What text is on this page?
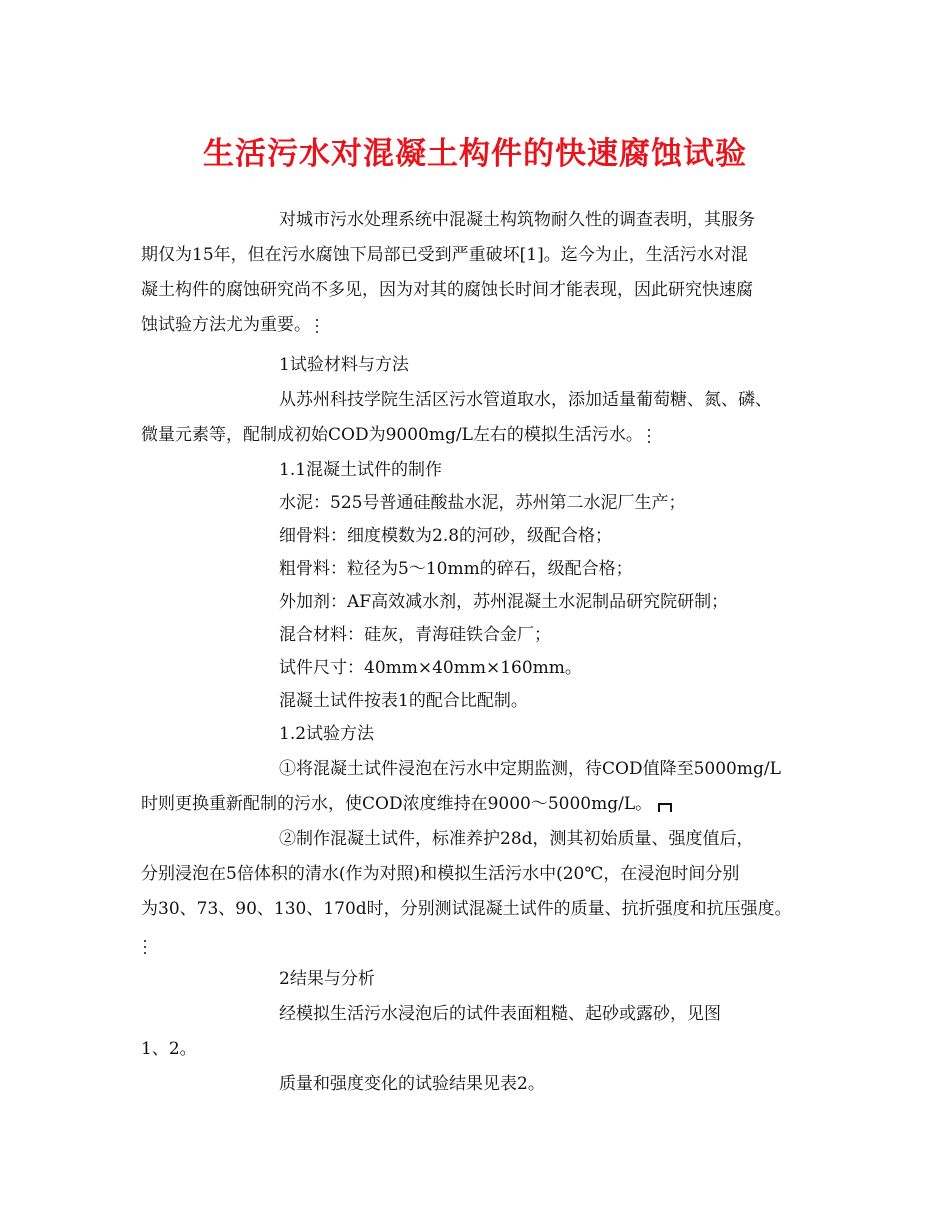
生活污水对混凝土构件的快速腐蚀试验
对城市污水处理系统中混凝土构筑物耐久性的调查表明，其服务
期仅为15年，但在污水腐蚀下局部已受到严重破坏[1]。迄今为止，生活污水对混
凝土构件的腐蚀研究尚不多见，因为对其的腐蚀长时间才能表现，因此研究快速腐
蚀试验方法尤为重要。
1试验材料与方法
从苏州科技学院生活区污水管道取水，添加适量葡萄糖、氮、磷、
微量元素等，配制成初始COD为9000mg/L左右的模拟生活污水。
1.1混凝土试件的制作
水泥：525号普通硅酸盐水泥，苏州第二水泥厂生产；
细骨料：细度模数为2.8的河砂，级配合格；
粗骨料：粒径为5～10mm的碎石，级配合格；
外加剂：AF高效减水剂，苏州混凝土水泥制品研究院研制；
混合材料：硅灰，青海硅铁合金厂；
试件尺寸：40mm×40mm×160mm。
混凝土试件按表1的配合比配制。
1.2试验方法
①将混凝土试件浸泡在污水中定期监测，待COD值降至5000mg/L
时则更换重新配制的污水，使COD浓度维持在9000～5000mg/L。
②制作混凝土试件，标准养护28d，测其初始质量、强度值后，
分别浸泡在5倍体积的清水(作为对照)和模拟生活污水中(20℃，在浸泡时间分别
为30、73、90、130、170d时，分别测试混凝土试件的质量、抗折强度和抗压强度。
2结果与分析
经模拟生活污水浸泡后的试件表面粗糙、起砂或露砂，见图
1、2。
质量和强度变化的试验结果见表2。
